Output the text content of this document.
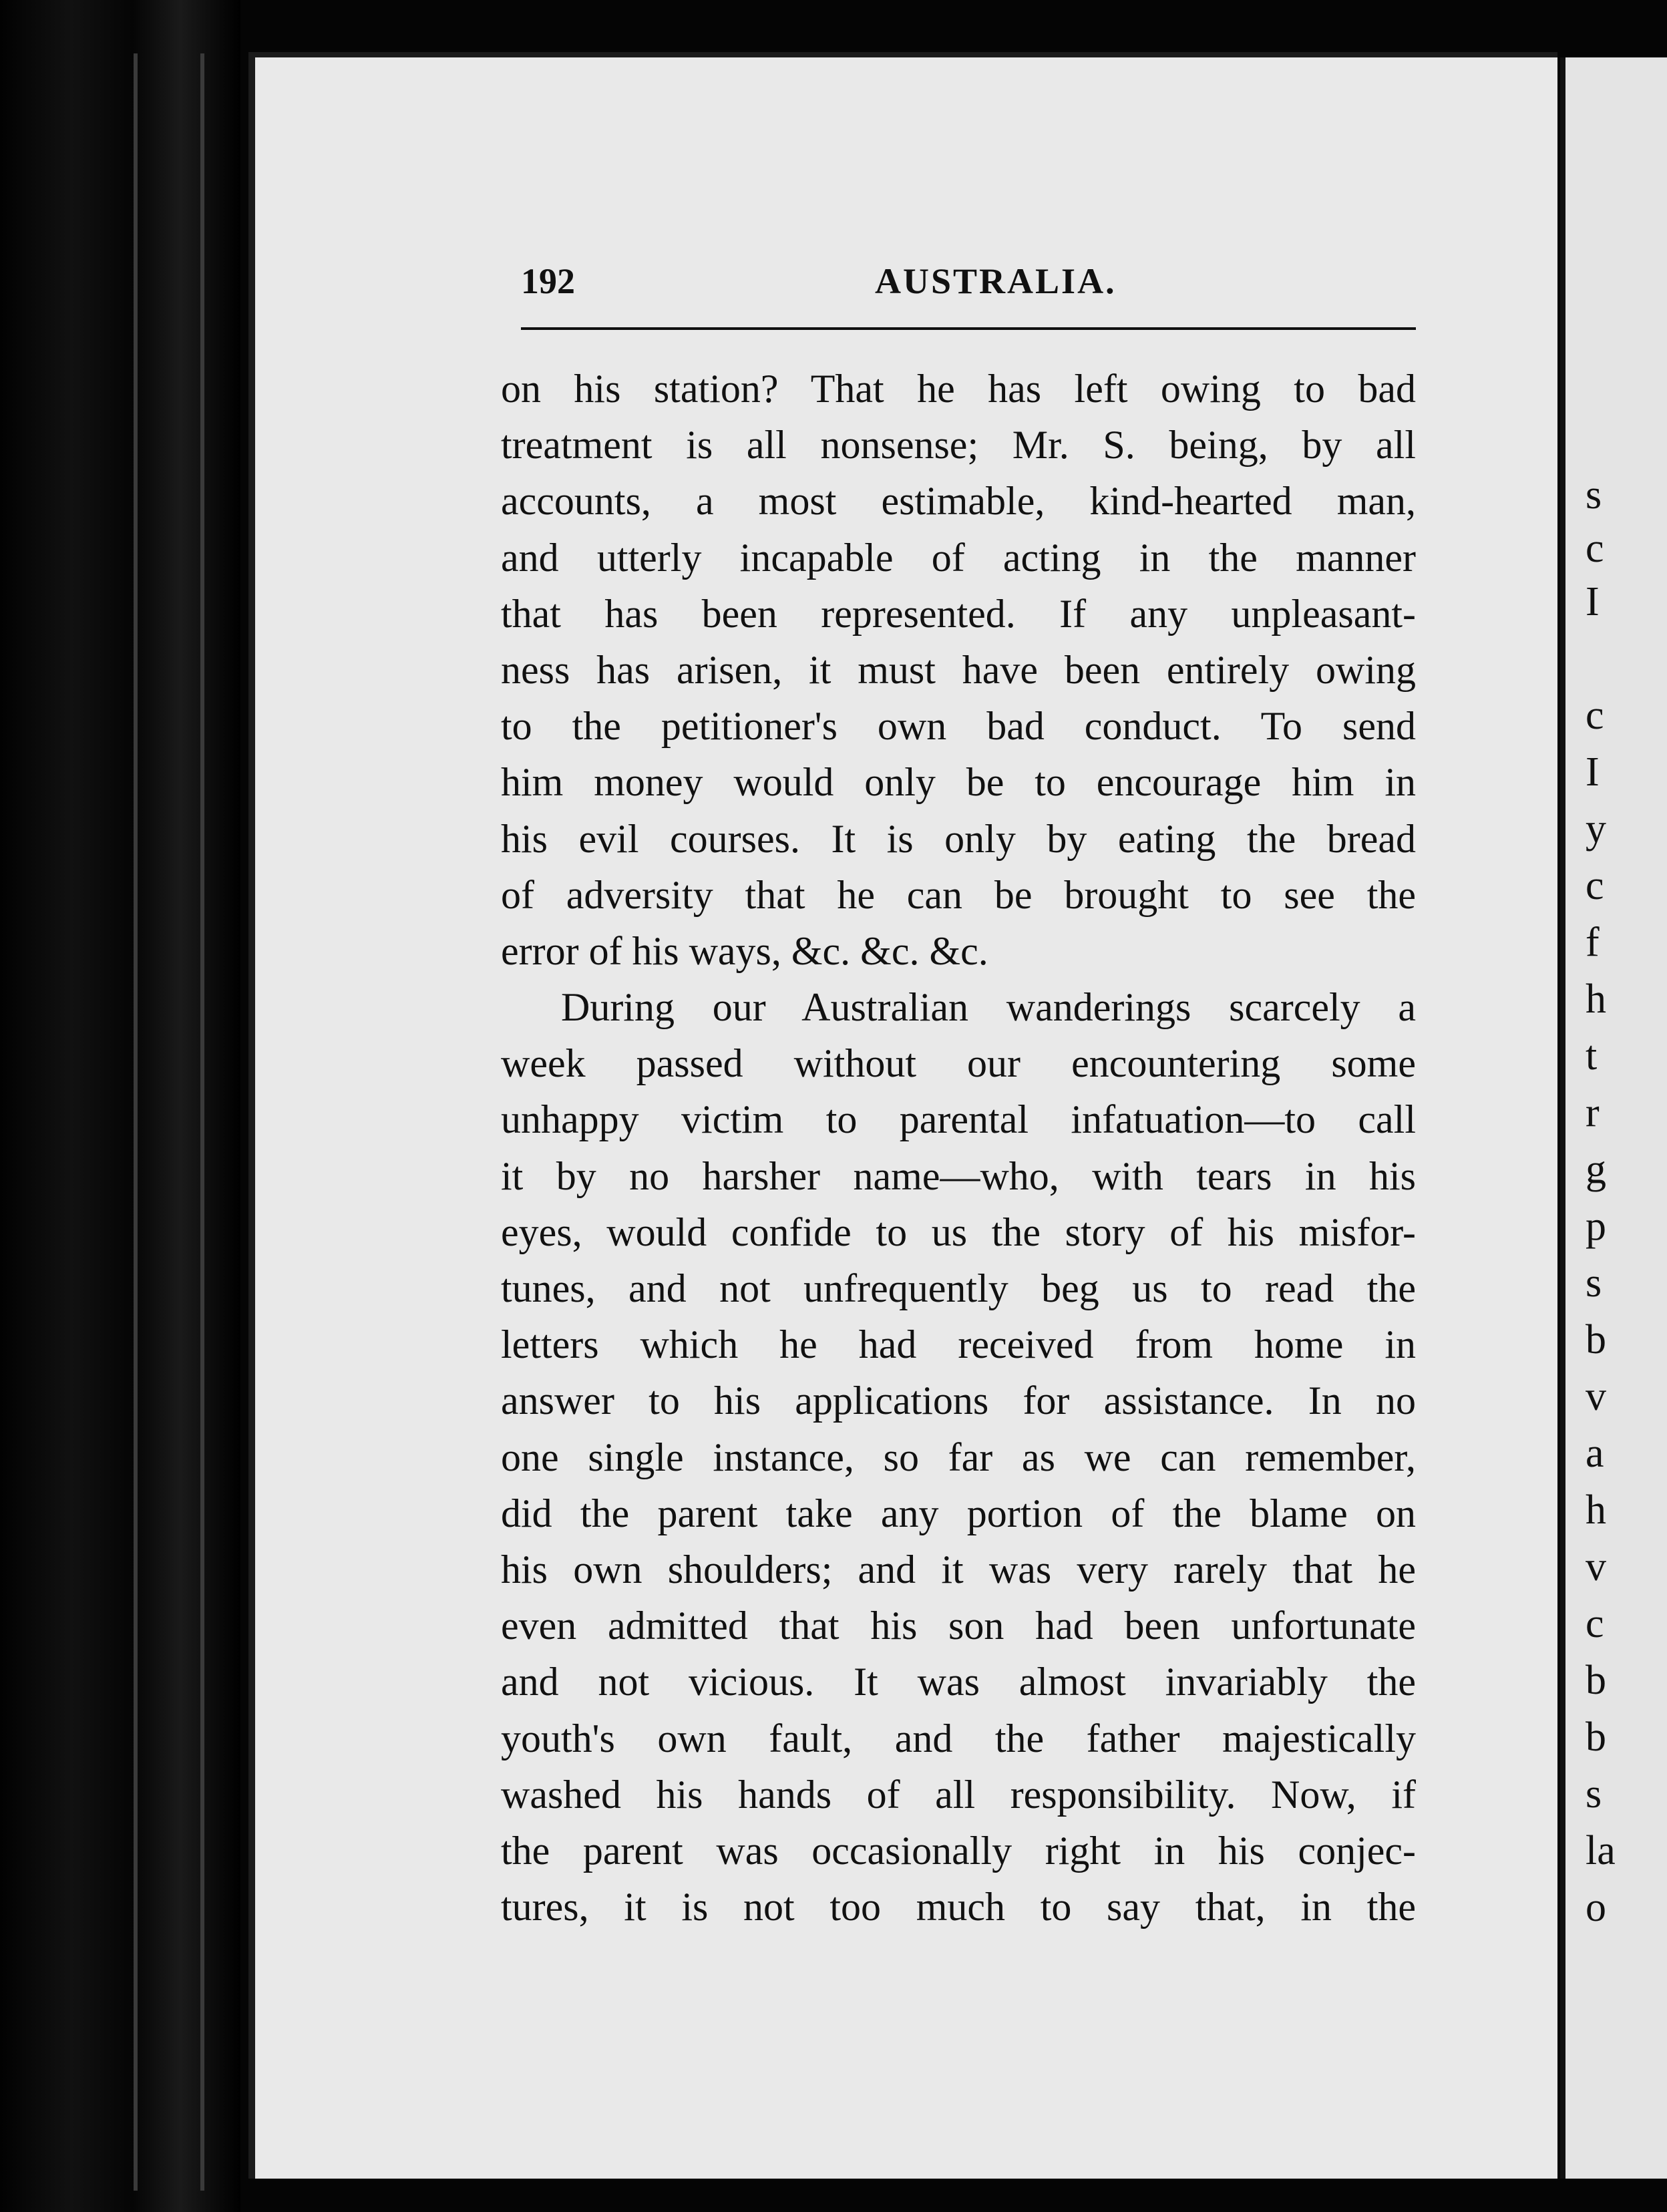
s
c
I
c
I
y
c
f
h
t
r
g
p
s
b
v
a
h
v
c
b
b
s
la
o
192	AUSTRALIA.
on his station? That he has left owing to bad
treatment is all nonsense; Mr. S. being, by all
accounts, a most estimable, kind-hearted man,
and utterly incapable of acting in the manner
that has been represented. If any unpleasant-
ness has arisen, it must have been entirely owing
to the petitioner's own bad conduct. To send
him money would only be to encourage him in
his evil courses. It is only by eating the bread
of adversity that he can be brought to see the
error of his ways, &c. &c. &c.
During our Australian wanderings scarcely a
week passed without our encountering some
unhappy victim to parental infatuation—to call
it by no harsher name—who, with tears in his
eyes, would confide to us the story of his misfor-
tunes, and not unfrequently beg us to read the
letters which he had received from home in
answer to his applications for assistance. In no
one single instance, so far as we can remember,
did the parent take any portion of the blame on
his own shoulders; and it was very rarely that he
even admitted that his son had been unfortunate
and not vicious. It was almost invariably the
youth's own fault, and the father majestically
washed his hands of all responsibility. Now, if
the parent was occasionally right in his conjec-
tures, it is not too much to say that, in the
